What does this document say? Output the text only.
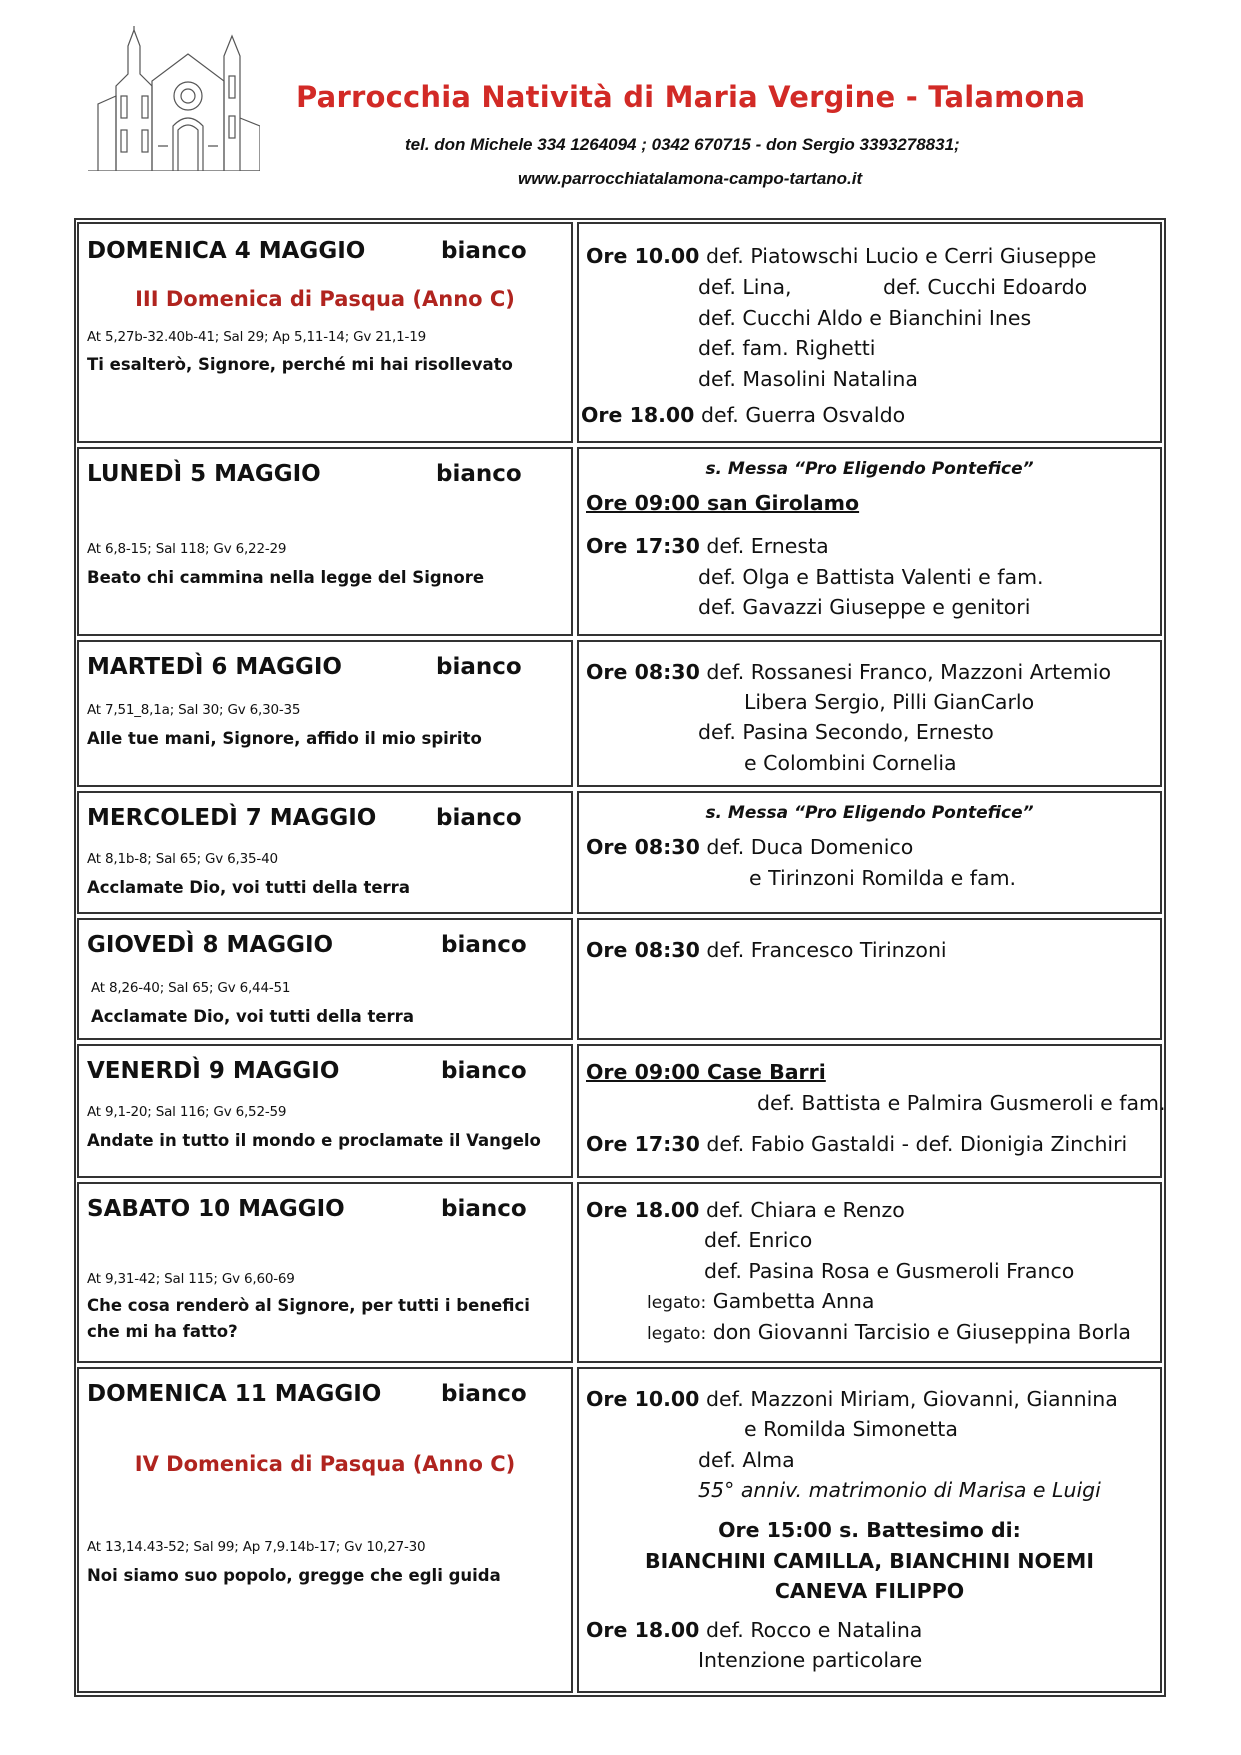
Parrocchia Natività di Maria Vergine - Talamona
tel. don Michele 334 1264094 ; 0342 670715 - don Sergio 3393278831;
www.parrocchiatalamona-campo-tartano.it
DOMENICA 4 MAGGIO	bianco
III Domenica di Pasqua (Anno C)
At 5,27b-32.40b-41; Sal 29; Ap 5,11-14; Gv 21,1-19
Ti esalterò, Signore, perché mi hai risollevato
Ore 10.00 def. Piatowschi Lucio e Cerri Giuseppe
def. Lina,	def. Cucchi Edoardo
def. Cucchi Aldo e Bianchini Ines
def. fam. Righetti
def. Masolini Natalina
Ore 18.00 def. Guerra Osvaldo
LUNEDÌ 5 MAGGIO	bianco
At 6,8-15; Sal 118; Gv 6,22-29
Beato chi cammina nella legge del Signore
s. Messa “Pro Eligendo Pontefice”
Ore 09:00 san Girolamo
Ore 17:30 def. Ernesta
def. Olga e Battista Valenti e fam.
def. Gavazzi Giuseppe e genitori
MARTEDÌ 6 MAGGIO	bianco
At 7,51_8,1a; Sal 30; Gv 6,30-35
Alle tue mani, Signore, affido il mio spirito
Ore 08:30 def. Rossanesi Franco, Mazzoni Artemio
Libera Sergio, Pilli GianCarlo
def. Pasina Secondo, Ernesto
e Colombini Cornelia
MERCOLEDÌ 7 MAGGIO	bianco
At 8,1b-8; Sal 65; Gv 6,35-40
Acclamate Dio, voi tutti della terra
s. Messa “Pro Eligendo Pontefice”
Ore 08:30 def. Duca Domenico
e Tirinzoni Romilda e fam.
GIOVEDÌ 8 MAGGIO	bianco
At 8,26-40; Sal 65; Gv 6,44-51
Acclamate Dio, voi tutti della terra
Ore 08:30 def. Francesco Tirinzoni
VENERDÌ 9 MAGGIO	bianco
At 9,1-20; Sal 116; Gv 6,52-59
Andate in tutto il mondo e proclamate il Vangelo
Ore 09:00 Case Barri
def. Battista e Palmira Gusmeroli e fam.
Ore 17:30 def. Fabio Gastaldi - def. Dionigia Zinchiri
SABATO 10 MAGGIO	bianco
At 9,31-42; Sal 115; Gv 6,60-69
Che cosa renderò al Signore, per tutti i benefici che mi ha fatto?
Ore 18.00 def. Chiara e Renzo
def. Enrico
def. Pasina Rosa e Gusmeroli Franco
legato: Gambetta Anna
legato: don Giovanni Tarcisio e Giuseppina Borla
DOMENICA 11 MAGGIO	bianco
IV Domenica di Pasqua (Anno C)
At 13,14.43-52; Sal 99; Ap 7,9.14b-17; Gv 10,27-30
Noi siamo suo popolo, gregge che egli guida
Ore 10.00 def. Mazzoni Miriam, Giovanni, Giannina
e Romilda Simonetta
def. Alma
55° anniv. matrimonio di Marisa e Luigi
Ore 15:00 s. Battesimo di:
BIANCHINI CAMILLA, BIANCHINI NOEMI
CANEVA FILIPPO
Ore 18.00 def. Rocco e Natalina
Intenzione particolare
